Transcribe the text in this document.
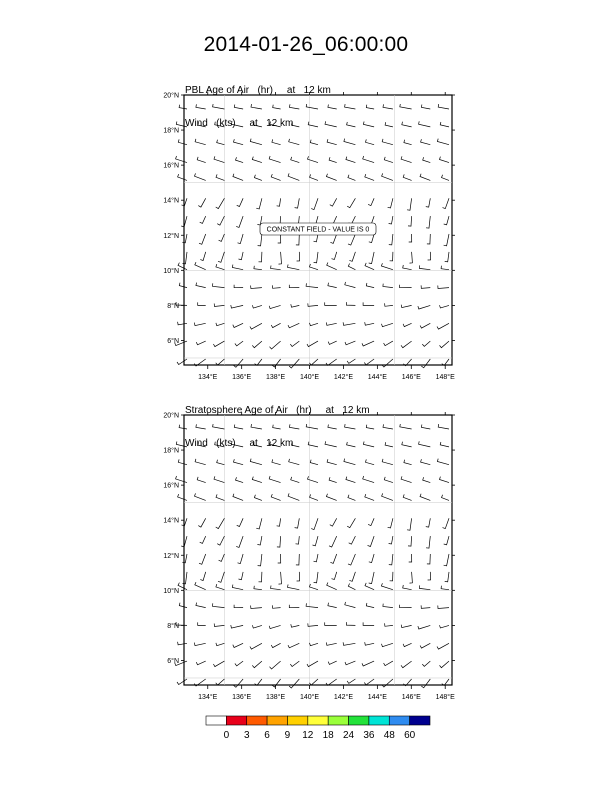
2014-01-26_06:00:00

PBL Age of Air   (hr)     at   12 km

Wind   (kts)     at   12 km

Stratosphere Age of Air   (hr)     at   12 km

Wind   (kts)     at   12 km

134°E 136°E 138°E 140°E 142°E 144°E 146°E 148°E
6°N
8°N
10°N
12°N
14°N
16°N
18°N
20°N
CONSTANT FIELD - VALUE IS 0
134°E 136°E 138°E 140°E 142°E 144°E 146°E 148°E
6°N
8°N
10°N
12°N
14°N
16°N
18°N
20°N
0 3 6 9 12 18 24 36 48 60
